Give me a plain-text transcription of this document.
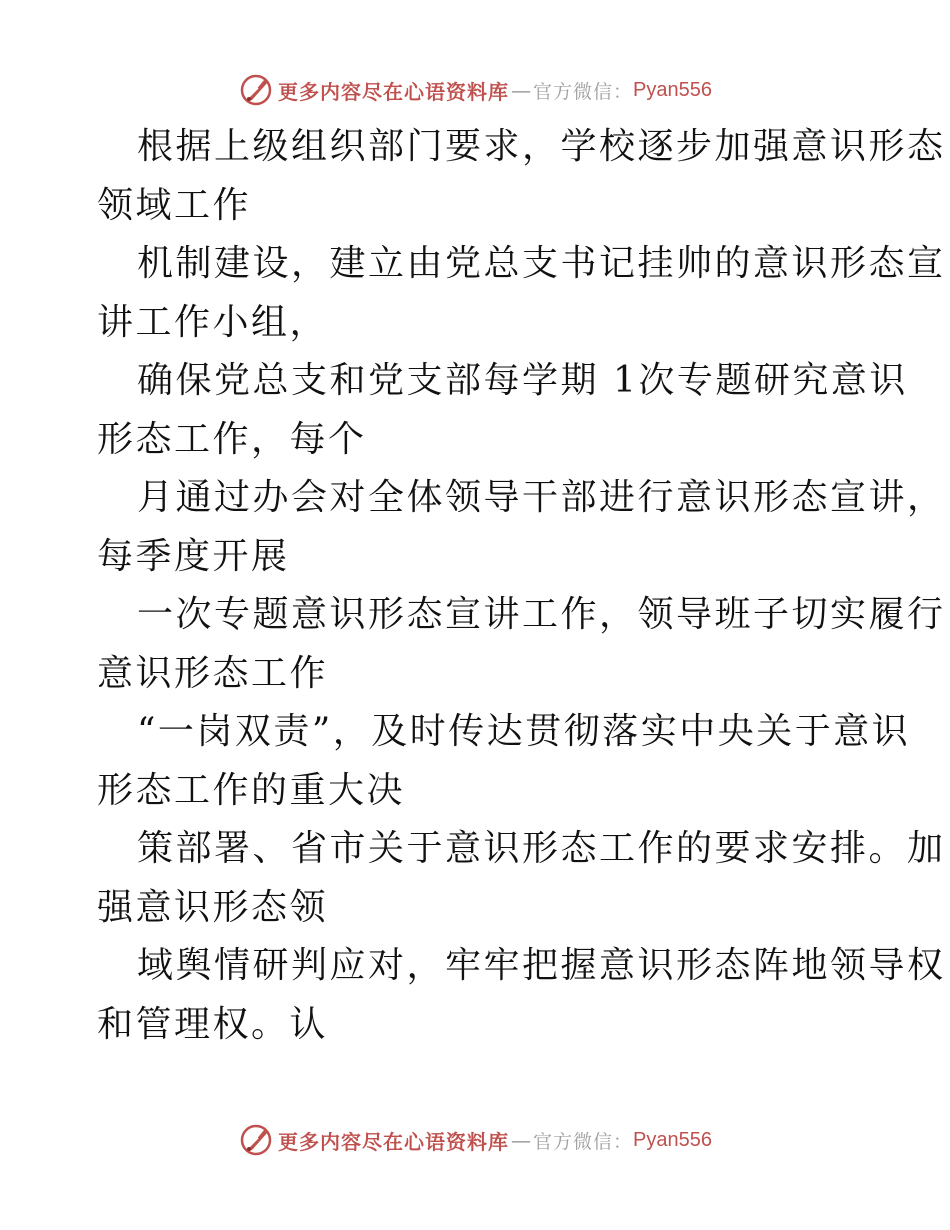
更多内容尽在心语资料库 — 官方微信： Pyan556

根据上级组织部门要求，学校逐步加强意识形态

领域工作

机制建设，建立由党总支书记挂帅的意识形态宣

讲工作小组，

确保党总支和党支部每学期 1次专题研究意识

形态工作，每个

月通过办会对全体领导干部进行意识形态宣讲，

每季度开展

一次专题意识形态宣讲工作，领导班子切实履行

意识形态工作

“一岗双责”，及时传达贯彻落实中央关于意识

形态工作的重大决

策部署、省市关于意识形态工作的要求安排。加

强意识形态领

域舆情研判应对，牢牢把握意识形态阵地领导权

和管理权。认

更多内容尽在心语资料库 — 官方微信： Pyan556
